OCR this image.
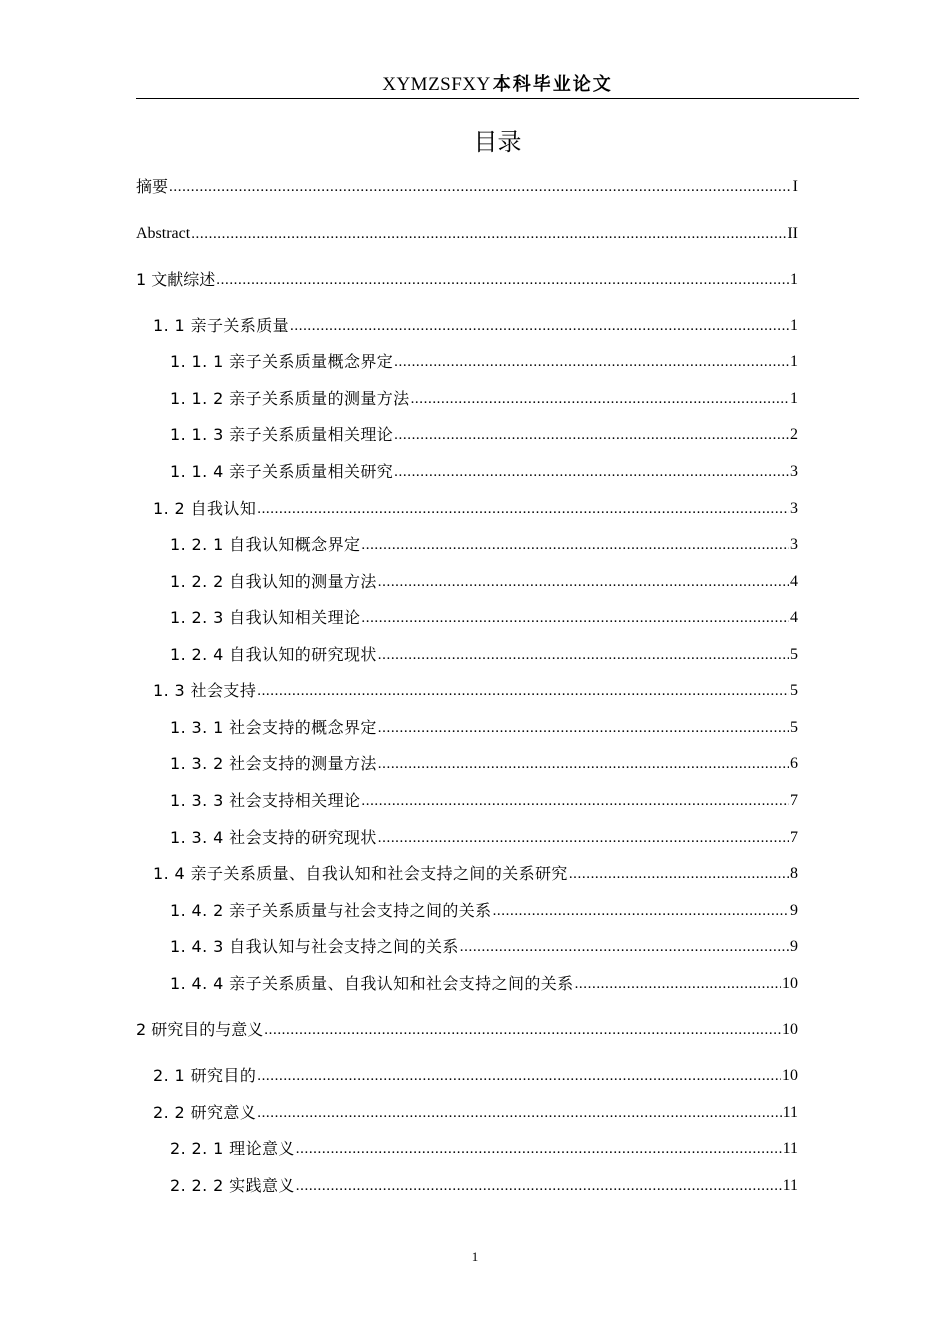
XYMZSFXY 本科毕业论文
目录
摘要 .....	I
Abstract .....	II
1 文献综述 .....	1
1. 1 亲子关系质量 .....	1
1. 1. 1 亲子关系质量概念界定 .....	1
1. 1. 2 亲子关系质量的测量方法 .....	1
1. 1. 3 亲子关系质量相关理论 .....	2
1. 1. 4 亲子关系质量相关研究 .....	3
1. 2 自我认知 .....	3
1. 2. 1 自我认知概念界定 .....	3
1. 2. 2 自我认知的测量方法 .....	4
1. 2. 3 自我认知相关理论 .....	4
1. 2. 4 自我认知的研究现状 .....	5
1. 3 社会支持 .....	5
1. 3. 1 社会支持的概念界定 .....	5
1. 3. 2 社会支持的测量方法 .....	6
1. 3. 3 社会支持相关理论 .....	7
1. 3. 4 社会支持的研究现状 .....	7
1. 4 亲子关系质量、自我认知和社会支持之间的关系研究 .....	8
1. 4. 2 亲子关系质量与社会支持之间的关系 .....	9
1. 4. 3 自我认知与社会支持之间的关系 .....	9
1. 4. 4 亲子关系质量、自我认知和社会支持之间的关系 .....	10
2 研究目的与意义 .....	10
2. 1 研究目的 .....	10
2. 2 研究意义 .....	11
2. 2. 1 理论意义 .....	11
2. 2. 2 实践意义 .....	11
1
